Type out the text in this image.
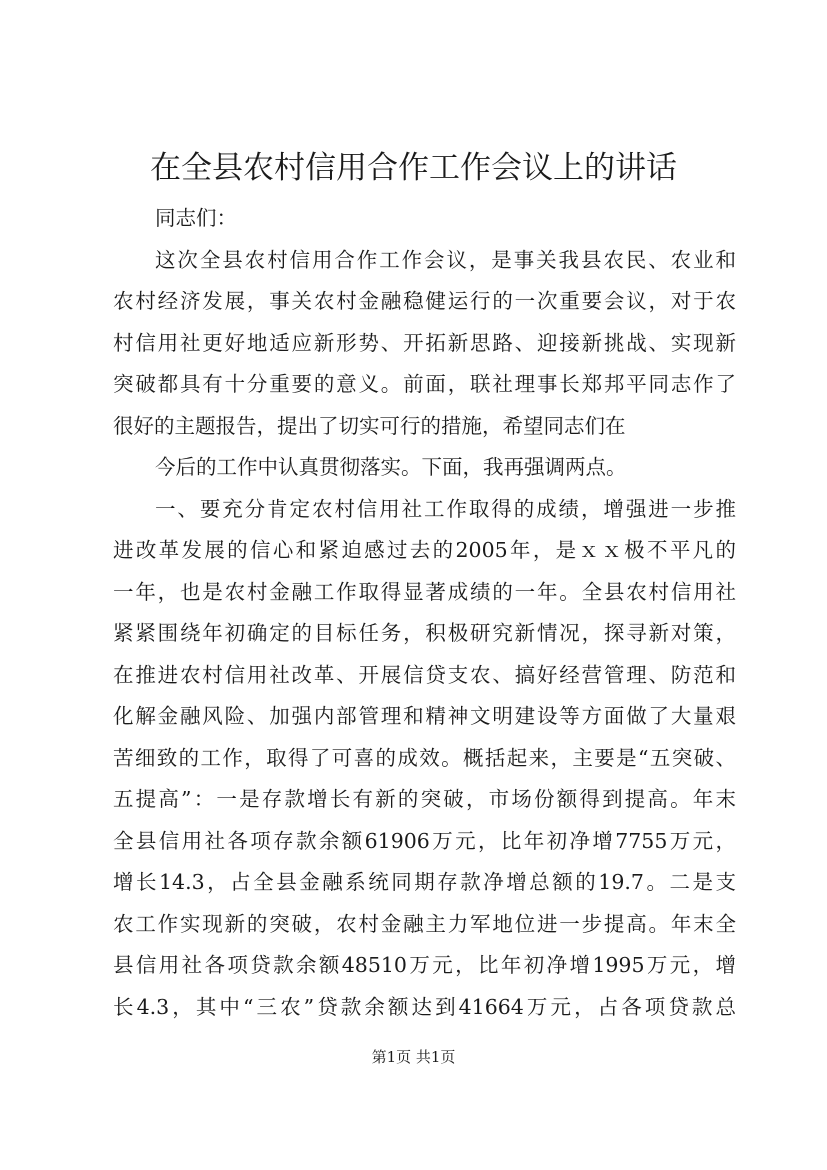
在全县农村信用合作工作会议上的讲话
同志们：
这次全县农村信用合作工作会议，是事关我县农民、农业和
农村经济发展，事关农村金融稳健运行的一次重要会议，对于农
村信用社更好地适应新形势、开拓新思路、迎接新挑战、实现新
突破都具有十分重要的意义。前面，联社理事长郑邦平同志作了
很好的主题报告，提出了切实可行的措施，希望同志们在
今后的工作中认真贯彻落实。下面，我再强调两点。
一、要充分肯定农村信用社工作取得的成绩，增强进一步推
进改革发展的信心和紧迫感过去的2005年，是ｘｘ极不平凡的
一年，也是农村金融工作取得显著成绩的一年。全县农村信用社
紧紧围绕年初确定的目标任务，积极研究新情况，探寻新对策，
在推进农村信用社改革、开展信贷支农、搞好经营管理、防范和
化解金融风险、加强内部管理和精神文明建设等方面做了大量艰
苦细致的工作，取得了可喜的成效。概括起来，主要是“五突破、
五提高”：一是存款增长有新的突破，市场份额得到提高。年末
全县信用社各项存款余额61906万元，比年初净增7755万元，
增长14.3，占全县金融系统同期存款净增总额的19.7。二是支
农工作实现新的突破，农村金融主力军地位进一步提高。年末全
县信用社各项贷款余额48510万元，比年初净增1995万元，增
长4.3，其中“三农”贷款余额达到41664万元，占各项贷款总
第1页 共1页
